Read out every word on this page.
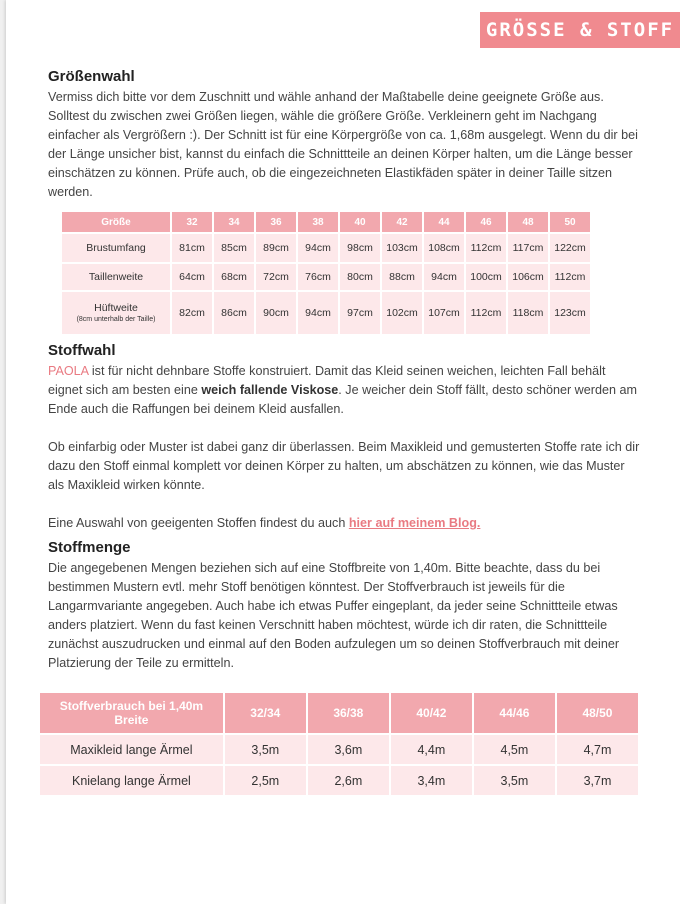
GRÖSSE & STOFF
Größenwahl

Vermiss dich bitte vor dem Zuschnitt und wähle anhand der Maßtabelle deine geeignete Größe aus. Solltest du zwischen zwei Größen liegen, wähle die größere Größe. Verkleinern geht im Nachgang einfacher als Vergrößern :). Der Schnitt ist für eine Körpergröße von ca. 1,68m ausgelegt. Wenn du dir bei der Länge unsicher bist, kannst du einfach die Schnittteile an deinen Körper halten, um die Länge besser einschätzen zu können. Prüfe auch, ob die eingezeichneten Elastikfäden später in deiner Taille sitzen werden.

Größe	32	34	36	38	40	42	44	46	48	50
Brustumfang	81cm	85cm	89cm	94cm	98cm	103cm	108cm	112cm	117cm	122cm
Taillenweite	64cm	68cm	72cm	76cm	80cm	88cm	94cm	100cm	106cm	112cm

Hüftweite
(8cm unterhalb der Taille)	82cm	86cm	90cm	94cm	97cm	102cm	107cm	112cm	118cm	123cm
Stoffwahl

PAOLA ist für nicht dehnbare Stoffe konstruiert. Damit das Kleid seinen weichen, leichten Fall behält eignet sich am besten eine weich fallende Viskose. Je weicher dein Stoff fällt, desto schöner werden am Ende auch die Raffungen bei deinem Kleid ausfallen.

Ob einfarbig oder Muster ist dabei ganz dir überlassen. Beim Maxikleid und gemusterten Stoffe rate ich dir dazu den Stoff einmal komplett vor deinen Körper zu halten, um abschätzen zu können, wie das Muster als Maxikleid wirken könnte.

Eine Auswahl von geeigenten Stoffen findest du auch hier auf meinem Blog.

Stoffmenge

Die angegebenen Mengen beziehen sich auf eine Stoffbreite von 1,40m. Bitte beachte, dass du bei bestimmen Mustern evtl. mehr Stoff benötigen könntest. Der Stoffverbrauch ist jeweils für die Langarmvariante angegeben. Auch habe ich etwas Puffer eingeplant, da jeder seine Schnittteile etwas anders platziert. Wenn du fast keinen Verschnitt haben möchtest, würde ich dir raten, die Schnittteile zunächst auszudrucken und einmal auf den Boden aufzulegen um so deinen Stoffverbrauch mit deiner Platzierung der Teile zu ermitteln.

Stoffverbrauch bei 1,40m Breite	32/34	36/38	40/42	44/46	48/50
Maxikleid lange Ärmel	3,5m	3,6m	4,4m	4,5m	4,7m
Knielang lange Ärmel	2,5m	2,6m	3,4m	3,5m	3,7m
